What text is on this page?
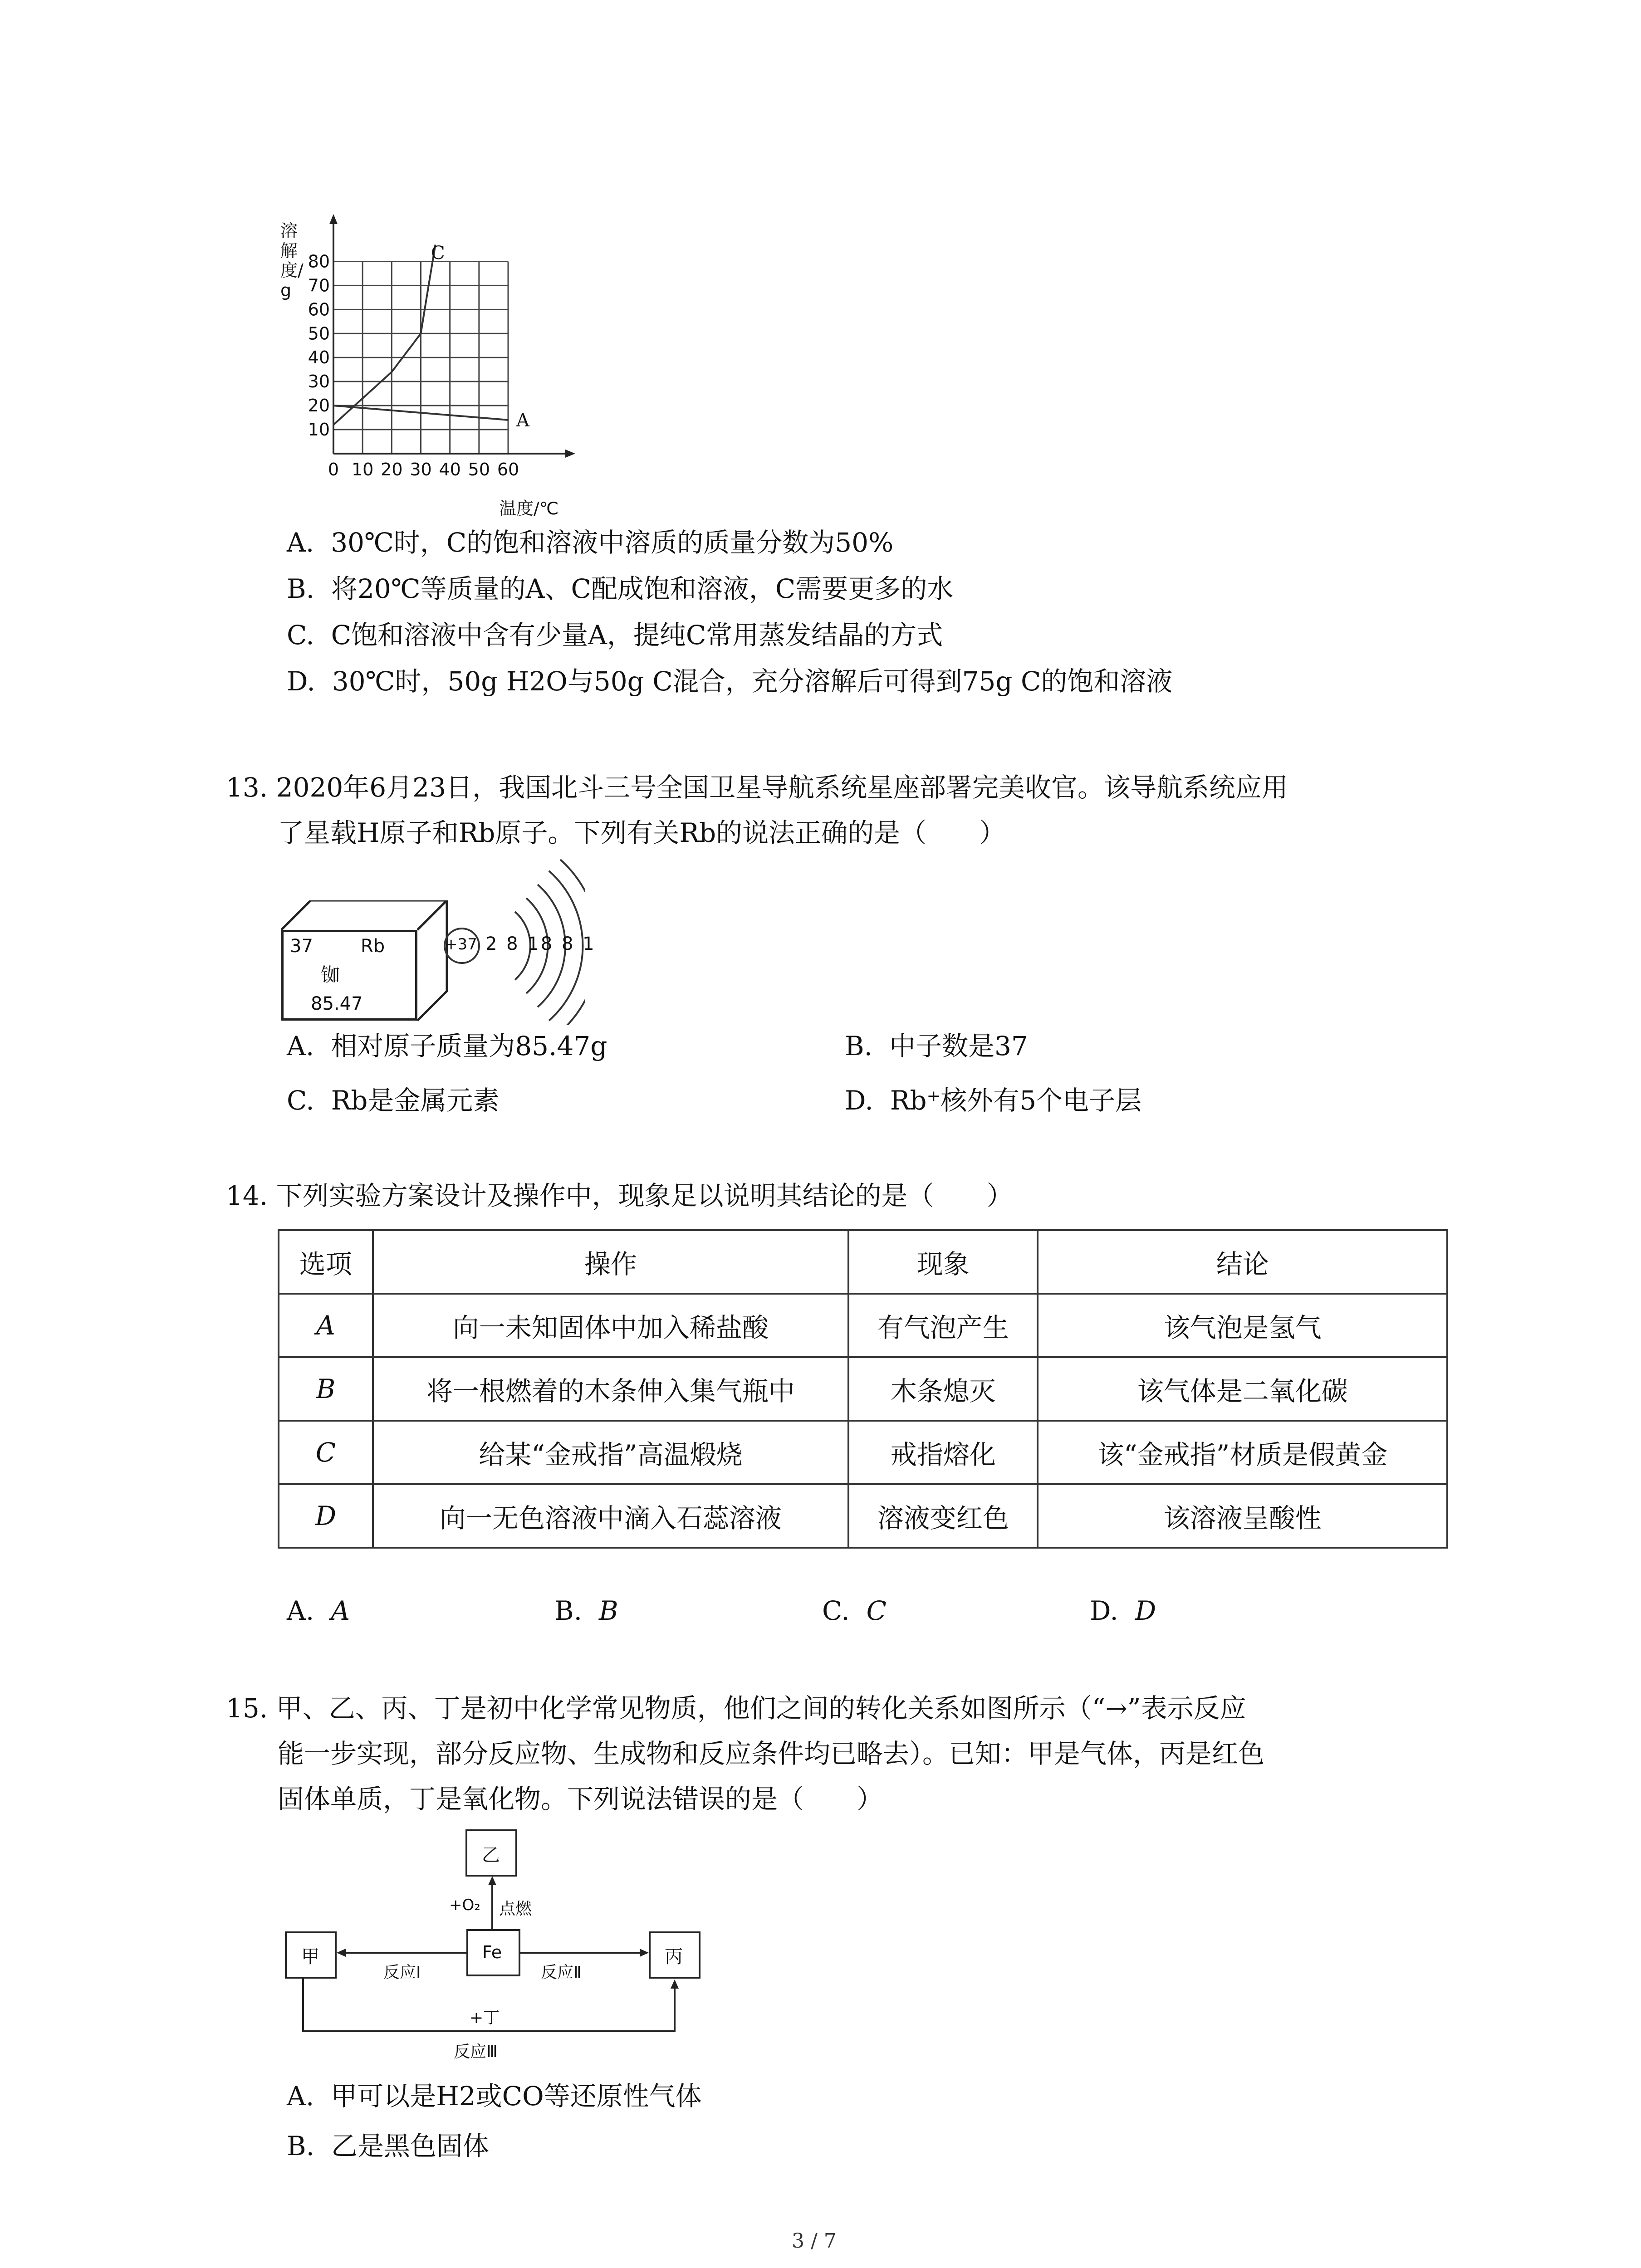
0 10 20 30 40 50 60
10
20
30
40
50
60
70
80	C
A
溶解度/g
温度/℃
A. 30℃时，C的饱和溶液中溶质的质量分数为50%
B. 将20℃等质量的A、C配成饱和溶液，C需要更多的水
C. C饱和溶液中含有少量A，提纯C常用蒸发结晶的方式
D. 30℃时，50g H2O与50g C混合，充分溶解后可得到75g C的饱和溶液
13. 2020年6月23日，我国北斗三号全国卫星导航系统星座部署完美收官。该导航系统应用
了星载H原子和Rb原子。下列有关Rb的说法正确的是（　　）
37	Rb
铷
85.47
+37 2 8 18 8 1
A. 相对原子质量为85.47g	B. 中子数是37
C. Rb是金属元素	D. Rb⁺核外有5个电子层
14. 下列实验方案设计及操作中，现象足以说明其结论的是（　　）
选项	操作	现象	结论
A	向一未知固体中加入稀盐酸	有气泡产生	该气泡是氢气
B	将一根燃着的木条伸入集气瓶中	木条熄灭	该气体是二氧化碳
C	给某“金戒指”高温煅烧	戒指熔化	该“金戒指”材质是假黄金
D	向一无色溶液中滴入石蕊溶液	溶液变红色	该溶液呈酸性
A. A	B. B	C. C	D. D
15. 甲、乙、丙、丁是初中化学常见物质，他们之间的转化关系如图所示（“→”表示反应
能一步实现，部分反应物、生成物和反应条件均已略去）。已知：甲是气体，丙是红色
固体单质，丁是氧化物。下列说法错误的是（　　）
乙
甲	Fe	丙
+O₂ 点燃
反应Ⅰ	反应Ⅱ
+丁
反应Ⅲ
A. 甲可以是H2或CO等还原性气体
B. 乙是黑色固体
3 / 7
